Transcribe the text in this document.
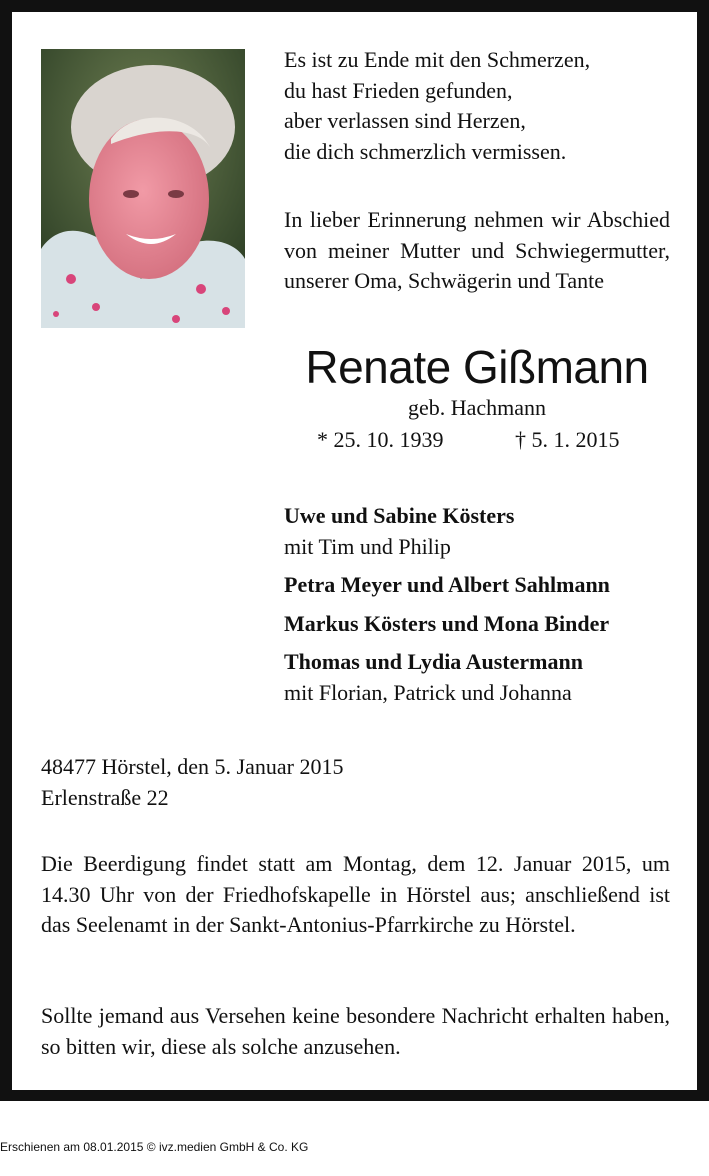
Es ist zu Ende mit den Schmerzen,
du hast Frieden gefunden,
aber verlassen sind Herzen,
die dich schmerzlich vermissen.
In lieber Erinnerung nehmen wir Abschied von meiner Mutter und Schwiegermutter, unserer Oma, Schwägerin und Tante
Renate Gißmann
geb. Hachmann
* 25. 10. 1939	† 5. 1. 2015
Uwe und Sabine Kösters
mit Tim und Philip
Petra Meyer und Albert Sahlmann
Markus Kösters und Mona Binder
Thomas und Lydia Austermann
mit Florian, Patrick und Johanna
48477 Hörstel, den 5. Januar 2015
Erlenstraße 22
Die Beerdigung findet statt am Montag, dem 12. Januar 2015, um 14.30 Uhr von der Friedhofskapelle in Hörstel aus; anschließend ist das Seelenamt in der Sankt-Antonius-Pfarrkirche zu Hörstel.
Sollte jemand aus Versehen keine besondere Nachricht erhalten haben, so bitten wir, diese als solche anzusehen.
Erschienen am 08.01.2015 © ivz.medien GmbH & Co. KG
